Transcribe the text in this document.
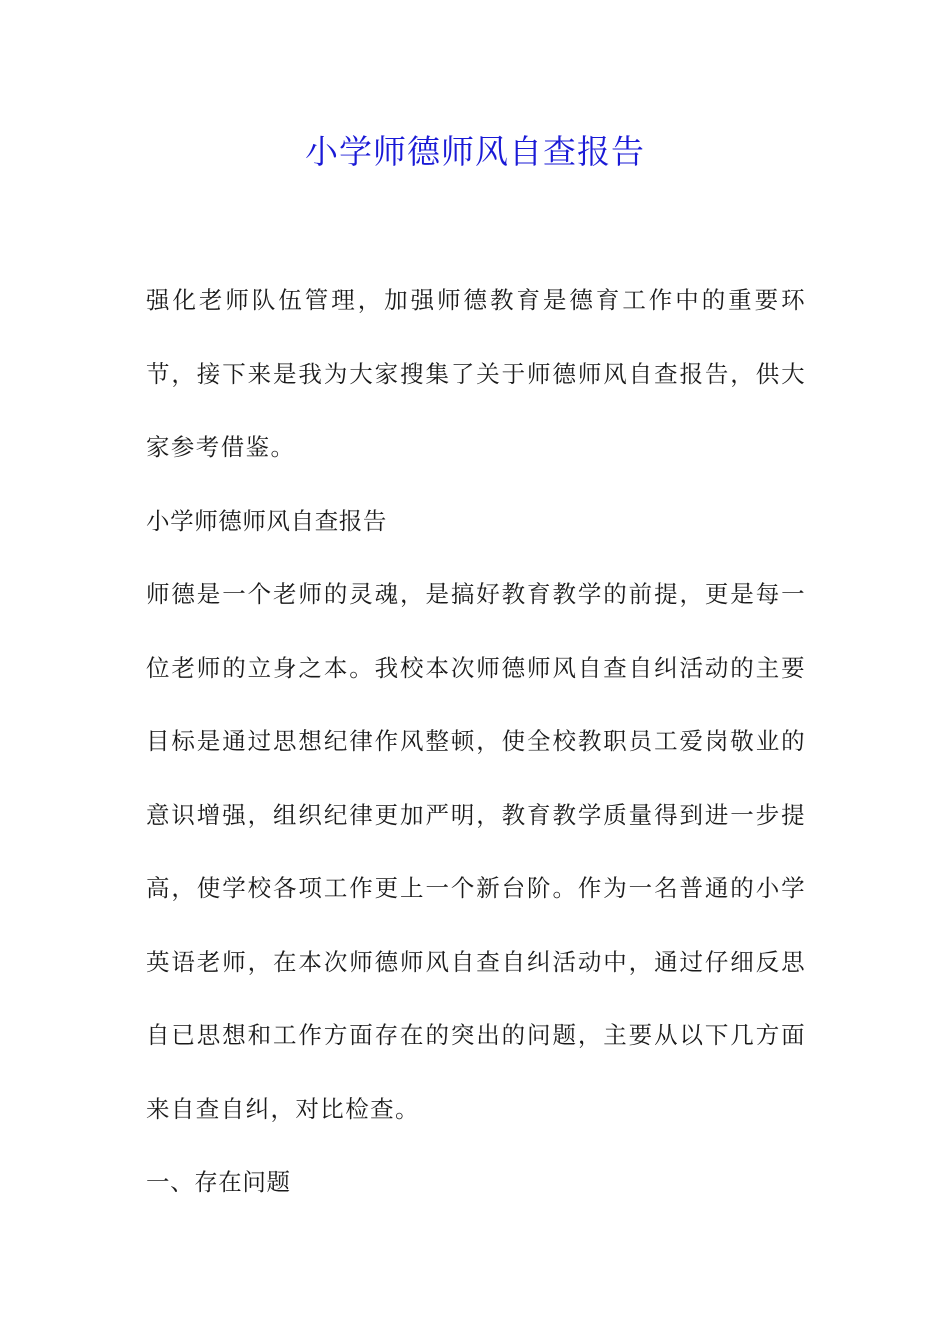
小学师德师风自查报告

强化老师队伍管理，加强师德教育是德育工作中的重要环节，接下来是我为大家搜集了关于师德师风自查报告，供大家参考借鉴。

小学师德师风自查报告

师德是一个老师的灵魂，是搞好教育教学的前提，更是每一位老师的立身之本。我校本次师德师风自查自纠活动的主要目标是通过思想纪律作风整顿，使全校教职员工爱岗敬业的意识增强，组织纪律更加严明，教育教学质量得到进一步提高，使学校各项工作更上一个新台阶。作为一名普通的小学英语老师，在本次师德师风自查自纠活动中，通过仔细反思自已思想和工作方面存在的突出的问题，主要从以下几方面来自查自纠，对比检查。

一、存在问题
